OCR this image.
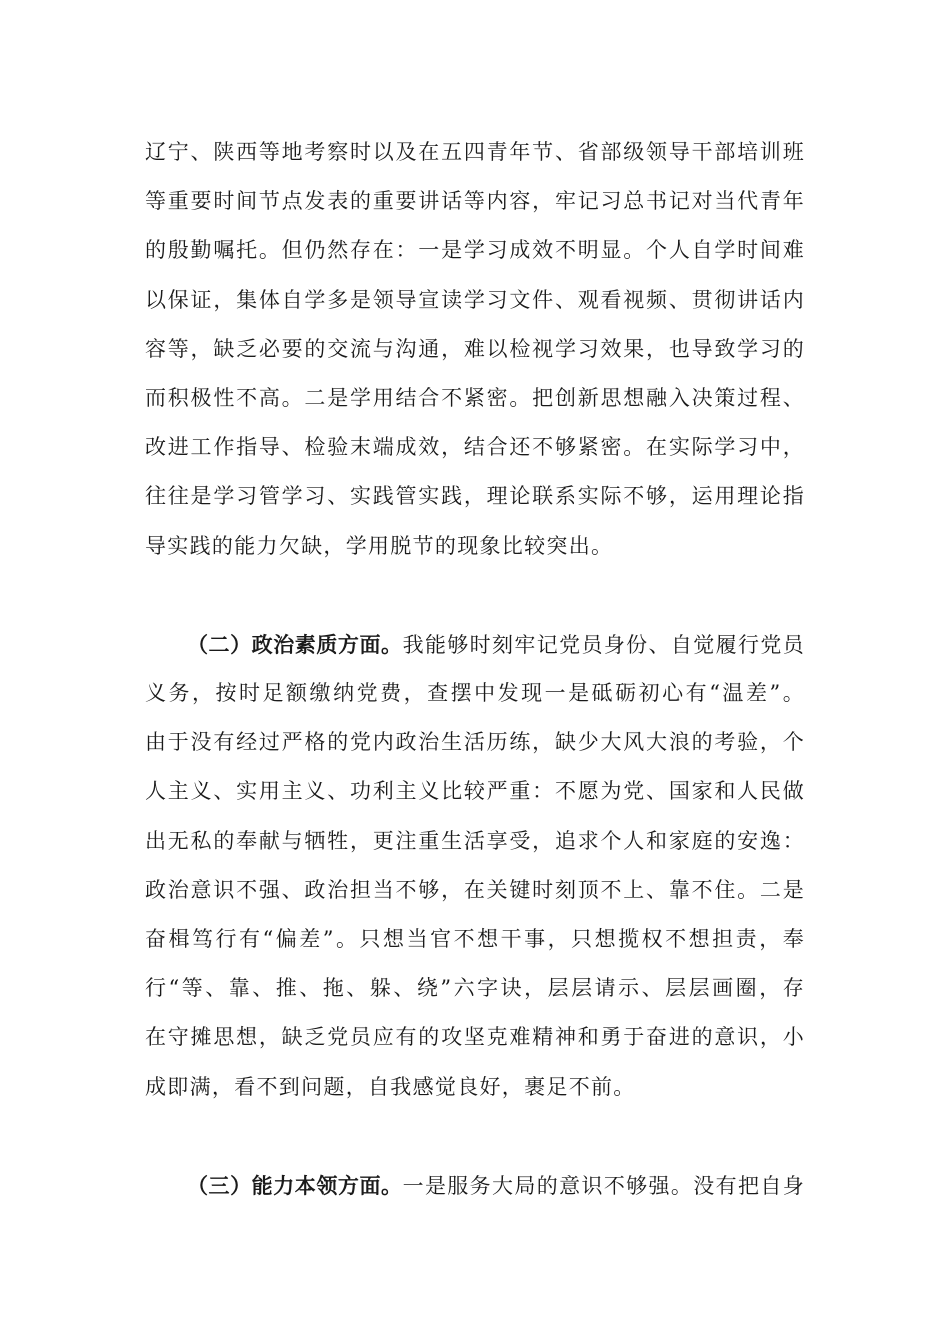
辽宁、陕西等地考察时以及在五四青年节、省部级领导干部培训班
等重要时间节点发表的重要讲话等内容，牢记习总书记对当代青年
的殷勤嘱托。但仍然存在：一是学习成效不明显。个人自学时间难
以保证，集体自学多是领导宣读学习文件、观看视频、贯彻讲话内
容等，缺乏必要的交流与沟通，难以检视学习效果，也导致学习的
而积极性不高。二是学用结合不紧密。把创新思想融入决策过程、
改进工作指导、检验末端成效，结合还不够紧密。在实际学习中，
往往是学习管学习、实践管实践，理论联系实际不够，运用理论指
导实践的能力欠缺，学用脱节的现象比较突出。
（二）政治素质方面。我能够时刻牢记党员身份、自觉履行党员
义务，按时足额缴纳党费，查摆中发现一是砥砺初心有“温差”。
由于没有经过严格的党内政治生活历练，缺少大风大浪的考验，个
人主义、实用主义、功利主义比较严重：不愿为党、国家和人民做
出无私的奉献与牺牲，更注重生活享受，追求个人和家庭的安逸：
政治意识不强、政治担当不够，在关键时刻顶不上、靠不住。二是
奋楫笃行有“偏差”。只想当官不想干事，只想揽权不想担责，奉
行“等、靠、推、拖、躲、绕”六字诀，层层请示、层层画圈，存
在守摊思想，缺乏党员应有的攻坚克难精神和勇于奋进的意识，小
成即满，看不到问题，自我感觉良好，裹足不前。
（三）能力本领方面。一是服务大局的意识不够强。没有把自身
